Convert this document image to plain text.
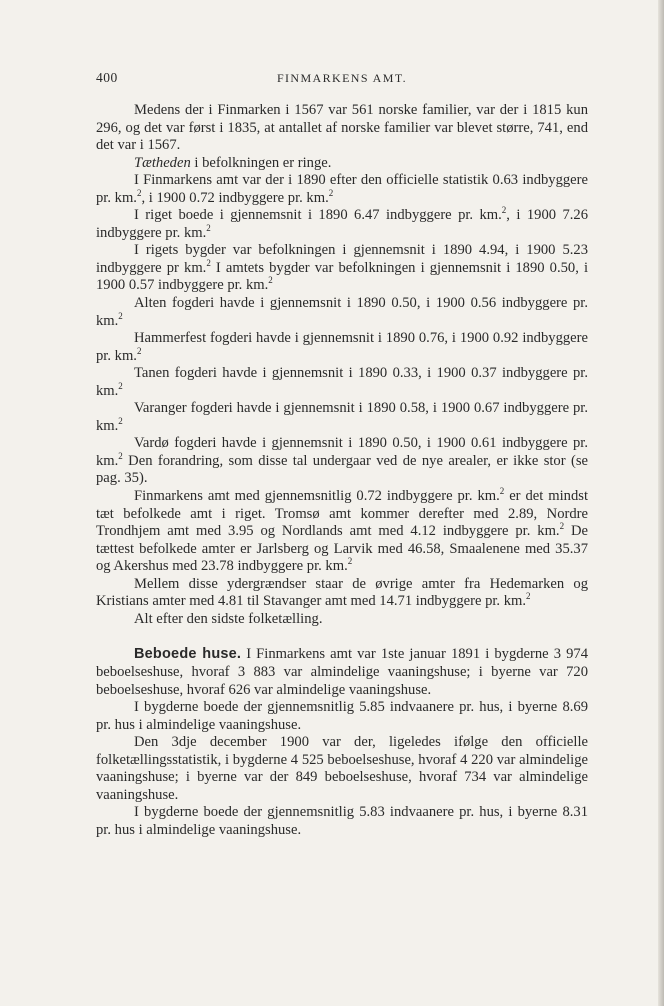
400	FINMARKENS AMT.

Medens der i Finmarken i 1567 var 561 norske familier, var der i 1815 kun 296, og det var først i 1835, at antallet af norske familier var blevet større, 741, end det var i 1567.

Tætheden i befolkningen er ringe.

I Finmarkens amt var der i 1890 efter den officielle statistik 0.63 indbyggere pr. km.$^2$, i 1900 0.72 indbyggere pr. km.$^2$

I riget boede i gjennemsnit i 1890 6.47 indbyggere pr. km.$^2$, i 1900 7.26 indbyggere pr. km.$^2$

I rigets bygder var befolkningen i gjennemsnit i 1890 4.94, i 1900 5.23 indbyggere pr km.$^2$ I amtets bygder var befolkningen i gjennemsnit i 1890 0.50, i 1900 0.57 indbyggere pr. km.$^2$

Alten fogderi havde i gjennemsnit i 1890 0.50, i 1900 0.56 indbyggere pr. km.$^2$

Hammerfest fogderi havde i gjennemsnit i 1890 0.76, i 1900 0.92 indbyggere pr. km.$^2$

Tanen fogderi havde i gjennemsnit i 1890 0.33, i 1900 0.37 indbyggere pr. km.$^2$

Varanger fogderi havde i gjennemsnit i 1890 0.58, i 1900 0.67 indbyggere pr. km.$^2$

Vardø fogderi havde i gjennemsnit i 1890 0.50, i 1900 0.61 indbyggere pr. km.$^2$ Den forandring, som disse tal undergaar ved de nye arealer, er ikke stor (se pag. 35).

Finmarkens amt med gjennemsnitlig 0.72 indbyggere pr. km.$^2$ er det mindst tæt befolkede amt i riget. Tromsø amt kommer derefter med 2.89, Nordre Trondhjem amt med 3.95 og Nordlands amt med 4.12 indbyggere pr. km.$^2$ De tættest befolkede amter er Jarlsberg og Larvik med 46.58, Smaalenene med 35.37 og Akershus med 23.78 indbyggere pr. km.$^2$

Mellem disse ydergrændser staar de øvrige amter fra Hedemarken og Kristians amter med 4.81 til Stavanger amt med 14.71 indbyggere pr. km.$^2$

Alt efter den sidste folketælling.

Beboede huse. I Finmarkens amt var 1ste januar 1891 i bygderne 3 974 beboelseshuse, hvoraf 3 883 var almindelige vaaningshuse; i byerne var 720 beboelseshuse, hvoraf 626 var almindelige vaaningshuse.

I bygderne boede der gjennemsnitlig 5.85 indvaanere pr. hus, i byerne 8.69 pr. hus i almindelige vaaningshuse.

Den 3dje december 1900 var der, ligeledes ifølge den officielle folketællingsstatistik, i bygderne 4 525 beboelseshuse, hvoraf 4 220 var almindelige vaaningshuse; i byerne var der 849 beboelseshuse, hvoraf 734 var almindelige vaaningshuse.

I bygderne boede der gjennemsnitlig 5.83 indvaanere pr. hus, i byerne 8.31 pr. hus i almindelige vaaningshuse.
